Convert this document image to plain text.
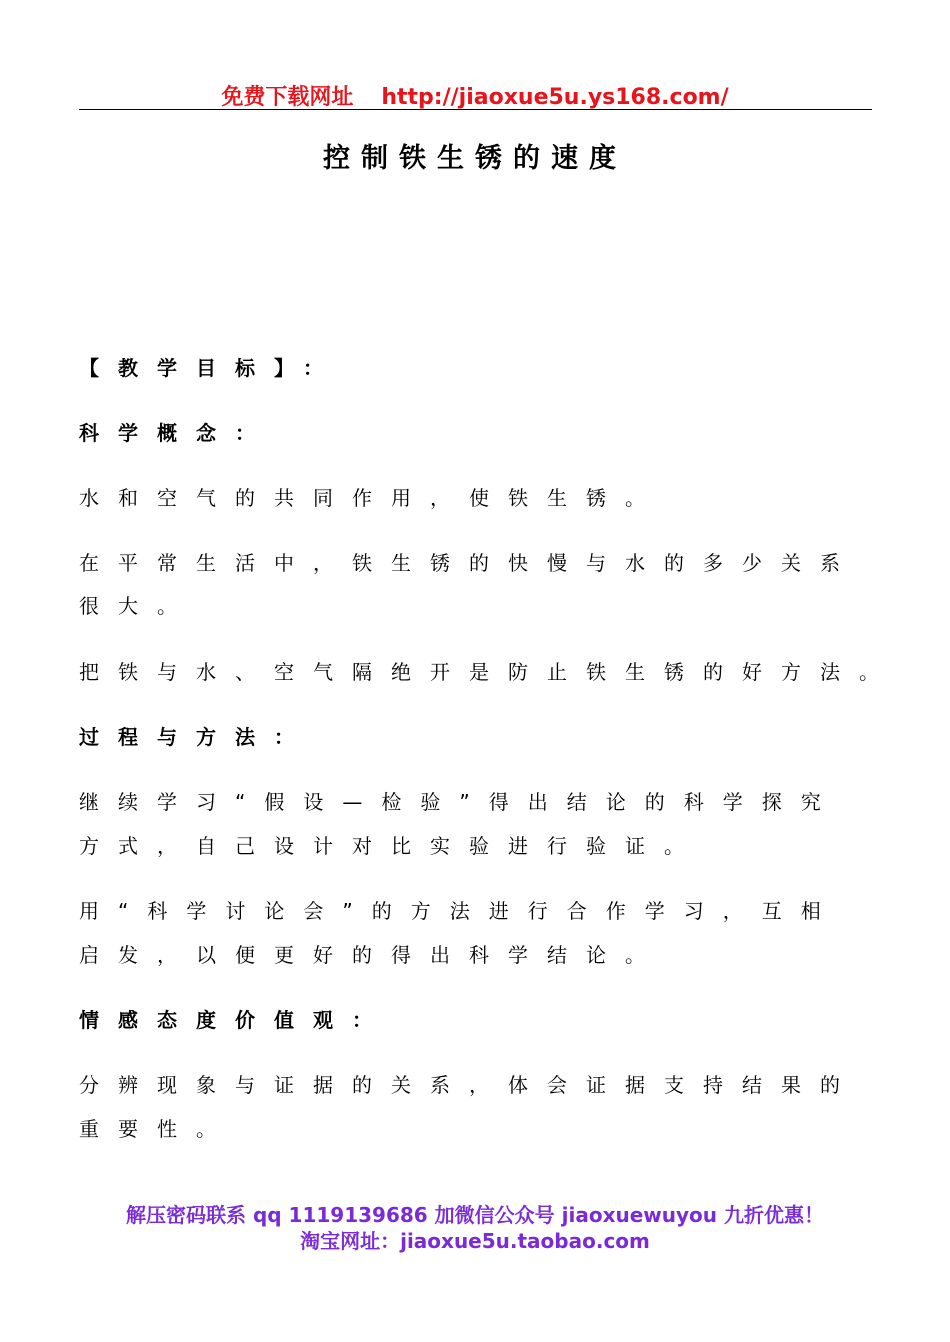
免费下载网址 http://jiaoxue5u.ys168.com/
控制铁生锈的速度
【教学目标】：
科学概念：
水和空气的共同作用，使铁生锈。
在平常生活中，铁生锈的快慢与水的多少关系
很大。
把铁与水、空气隔绝开是防止铁生锈的好方法。
过程与方法：
继续学习“假设—检验”得出结论的科学探究
方式，自己设计对比实验进行验证。
用“科学讨论会”的方法进行合作学习，互相
启发，以便更好的得出科学结论。
情感态度价值观：
分辨现象与证据的关系，体会证据支持结果的
重要性。
解压密码联系 qq 1119139686 加微信公众号 jiaoxuewuyou 九折优惠！
淘宝网址：jiaoxue5u.taobao.com
